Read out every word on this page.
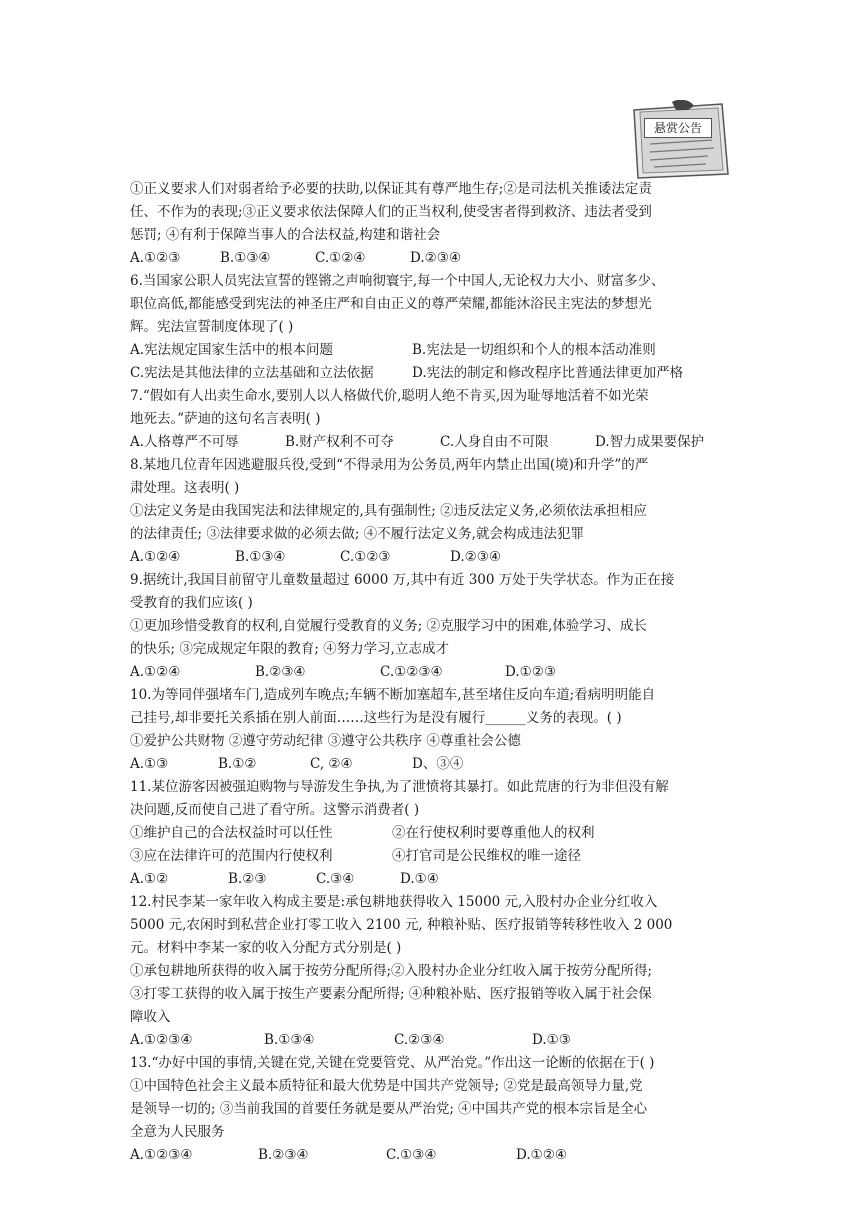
悬赏公告
①正义要求人们对弱者给予必要的扶助,以保证其有尊严地生存;②是司法机关推诿法定责
任、不作为的表现;③正义要求依法保障人们的正当权利,使受害者得到救济、违法者受到
惩罚; ④有利于保障当事人的合法权益,构建和谐社会
A.①②③	B.①③④	C.①②④	D.②③④
6.当国家公职人员宪法宣誓的铿锵之声响彻寰宇,每一个中国人,无论权力大小、财富多少、
职位高低,都能感受到宪法的神圣庄严和自由正义的尊严荣耀,都能沐浴民主宪法的梦想光
辉。宪法宣誓制度体现了( )
A.宪法规定国家生活中的根本问题	B.宪法是一切组织和个人的根本活动准则
C.宪法是其他法律的立法基础和立法依据	D.宪法的制定和修改程序比普通法律更加严格
7.“假如有人出卖生命水,要别人以人格做代价,聪明人绝不肯买,因为耻辱地活着不如光荣
地死去。”萨迪的这句名言表明( )
A.人格尊严不可辱	B.财产权利不可夺	C.人身自由不可限	D.智力成果要保护
8.某地几位青年因逃避服兵役,受到“不得录用为公务员,两年内禁止出国(境)和升学”的严
肃处理。这表明( )
①法定义务是由我国宪法和法律规定的,具有强制性; ②违反法定义务,必须依法承担相应
的法律责任; ③法律要求做的必须去做; ④不履行法定义务,就会构成违法犯罪
A.①②④	B.①③④	C.①②③	D.②③④
9.据统计,我国目前留守儿童数量超过 6000 万,其中有近 300 万处于失学状态。作为正在接
受教育的我们应该( )
①更加珍惜受教育的权利,自觉履行受教育的义务; ②克服学习中的困难,体验学习、成长
的快乐; ③完成规定年限的教育; ④努力学习,立志成才
A.①②④	B.②③④	C.①②③④	D.①②③
10.为等同伴强堵车门,造成列车晚点;车辆不断加塞超车,甚至堵住反向车道;看病明明能自
己挂号,却非要托关系插在别人前面……这些行为是没有履行______义务的表现。( )
①爱护公共财物 ②遵守劳动纪律 ③遵守公共秩序 ④尊重社会公德
A.①③	B.①②	C, ②④	D、③④
11.某位游客因被强迫购物与导游发生争执,为了泄愤将其暴打。如此荒唐的行为非但没有解
决问题,反而使自己进了看守所。这警示消费者( )
①维护自己的合法权益时可以任性	②在行使权利时要尊重他人的权利
③应在法律许可的范围内行使权利	④打官司是公民维权的唯一途径
A.①②	B.②③	C.③④	D.①④
12.村民李某一家年收入构成主要是:承包耕地获得收入 15000 元,入股村办企业分红收入
5000 元,农闲时到私营企业打零工收入 2100 元, 种粮补贴、医疗报销等转移性收入 2 000
元。材料中李某一家的收入分配方式分别是( )
①承包耕地所获得的收入属于按劳分配所得;②入股村办企业分红收入属于按劳分配所得;
③打零工获得的收入属于按生产要素分配所得; ④种粮补贴、医疗报销等收入属于社会保
障收入
A.①②③④	B.①③④	C.②③④	D.①③
13.“办好中国的事情,关键在党,关键在党要管党、从严治党。”作出这一论断的依据在于( )
①中国特色社会主义最本质特征和最大优势是中国共产党领导; ②党是最高领导力量,党
是领导一切的; ③当前我国的首要任务就是要从严治党; ④中国共产党的根本宗旨是全心
全意为人民服务
A.①②③④	B.②③④	C.①③④	D.①②④
